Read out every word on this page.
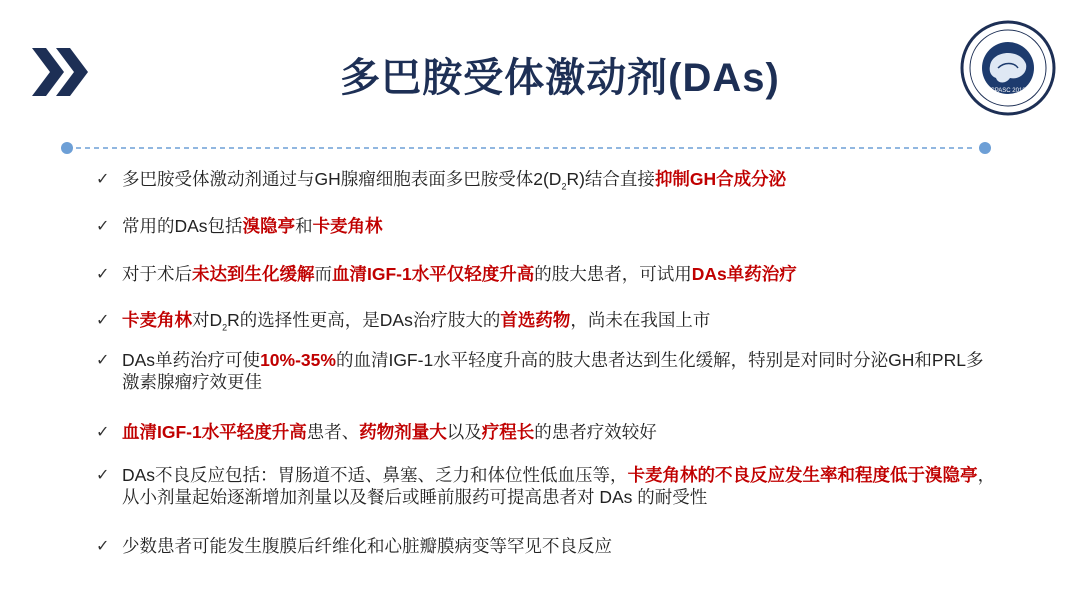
多巴胺受体激动剂(DAs)	CPASC 2012
✓ 多巴胺受体激动剂通过与GH腺瘤细胞表面多巴胺受体$2(D_2R)$结合直接抑制GH合成分泌
✓ 常用的DAs包括溴隐亭和卡麦角林
✓ 对于术后未达到生化缓解而血清IGF-1水平仅轻度升高的肢大患者，可试用DAs单药治疗
✓ 卡麦角林对$D_2R$的选择性更高，是DAs治疗肢大的首选药物，尚未在我国上市
✓ DAs单药治疗可使10%-35%的血清IGF-1水平轻度升高的肢大患者达到生化缓解，特别是对同时分泌GH和PRL多激素腺瘤疗效更佳
✓ 血清IGF-1水平轻度升高患者、药物剂量大以及疗程长的患者疗效较好
✓ DAs不良反应包括：胃肠道不适、鼻塞、乏力和体位性低血压等，卡麦角林的不良反应发生率和程度低于溴隐亭，从小剂量起始逐渐增加剂量以及餐后或睡前服药可提高患者对 DAs 的耐受性
✓ 少数患者可能发生腹膜后纤维化和心脏瓣膜病变等罕见不良反应
